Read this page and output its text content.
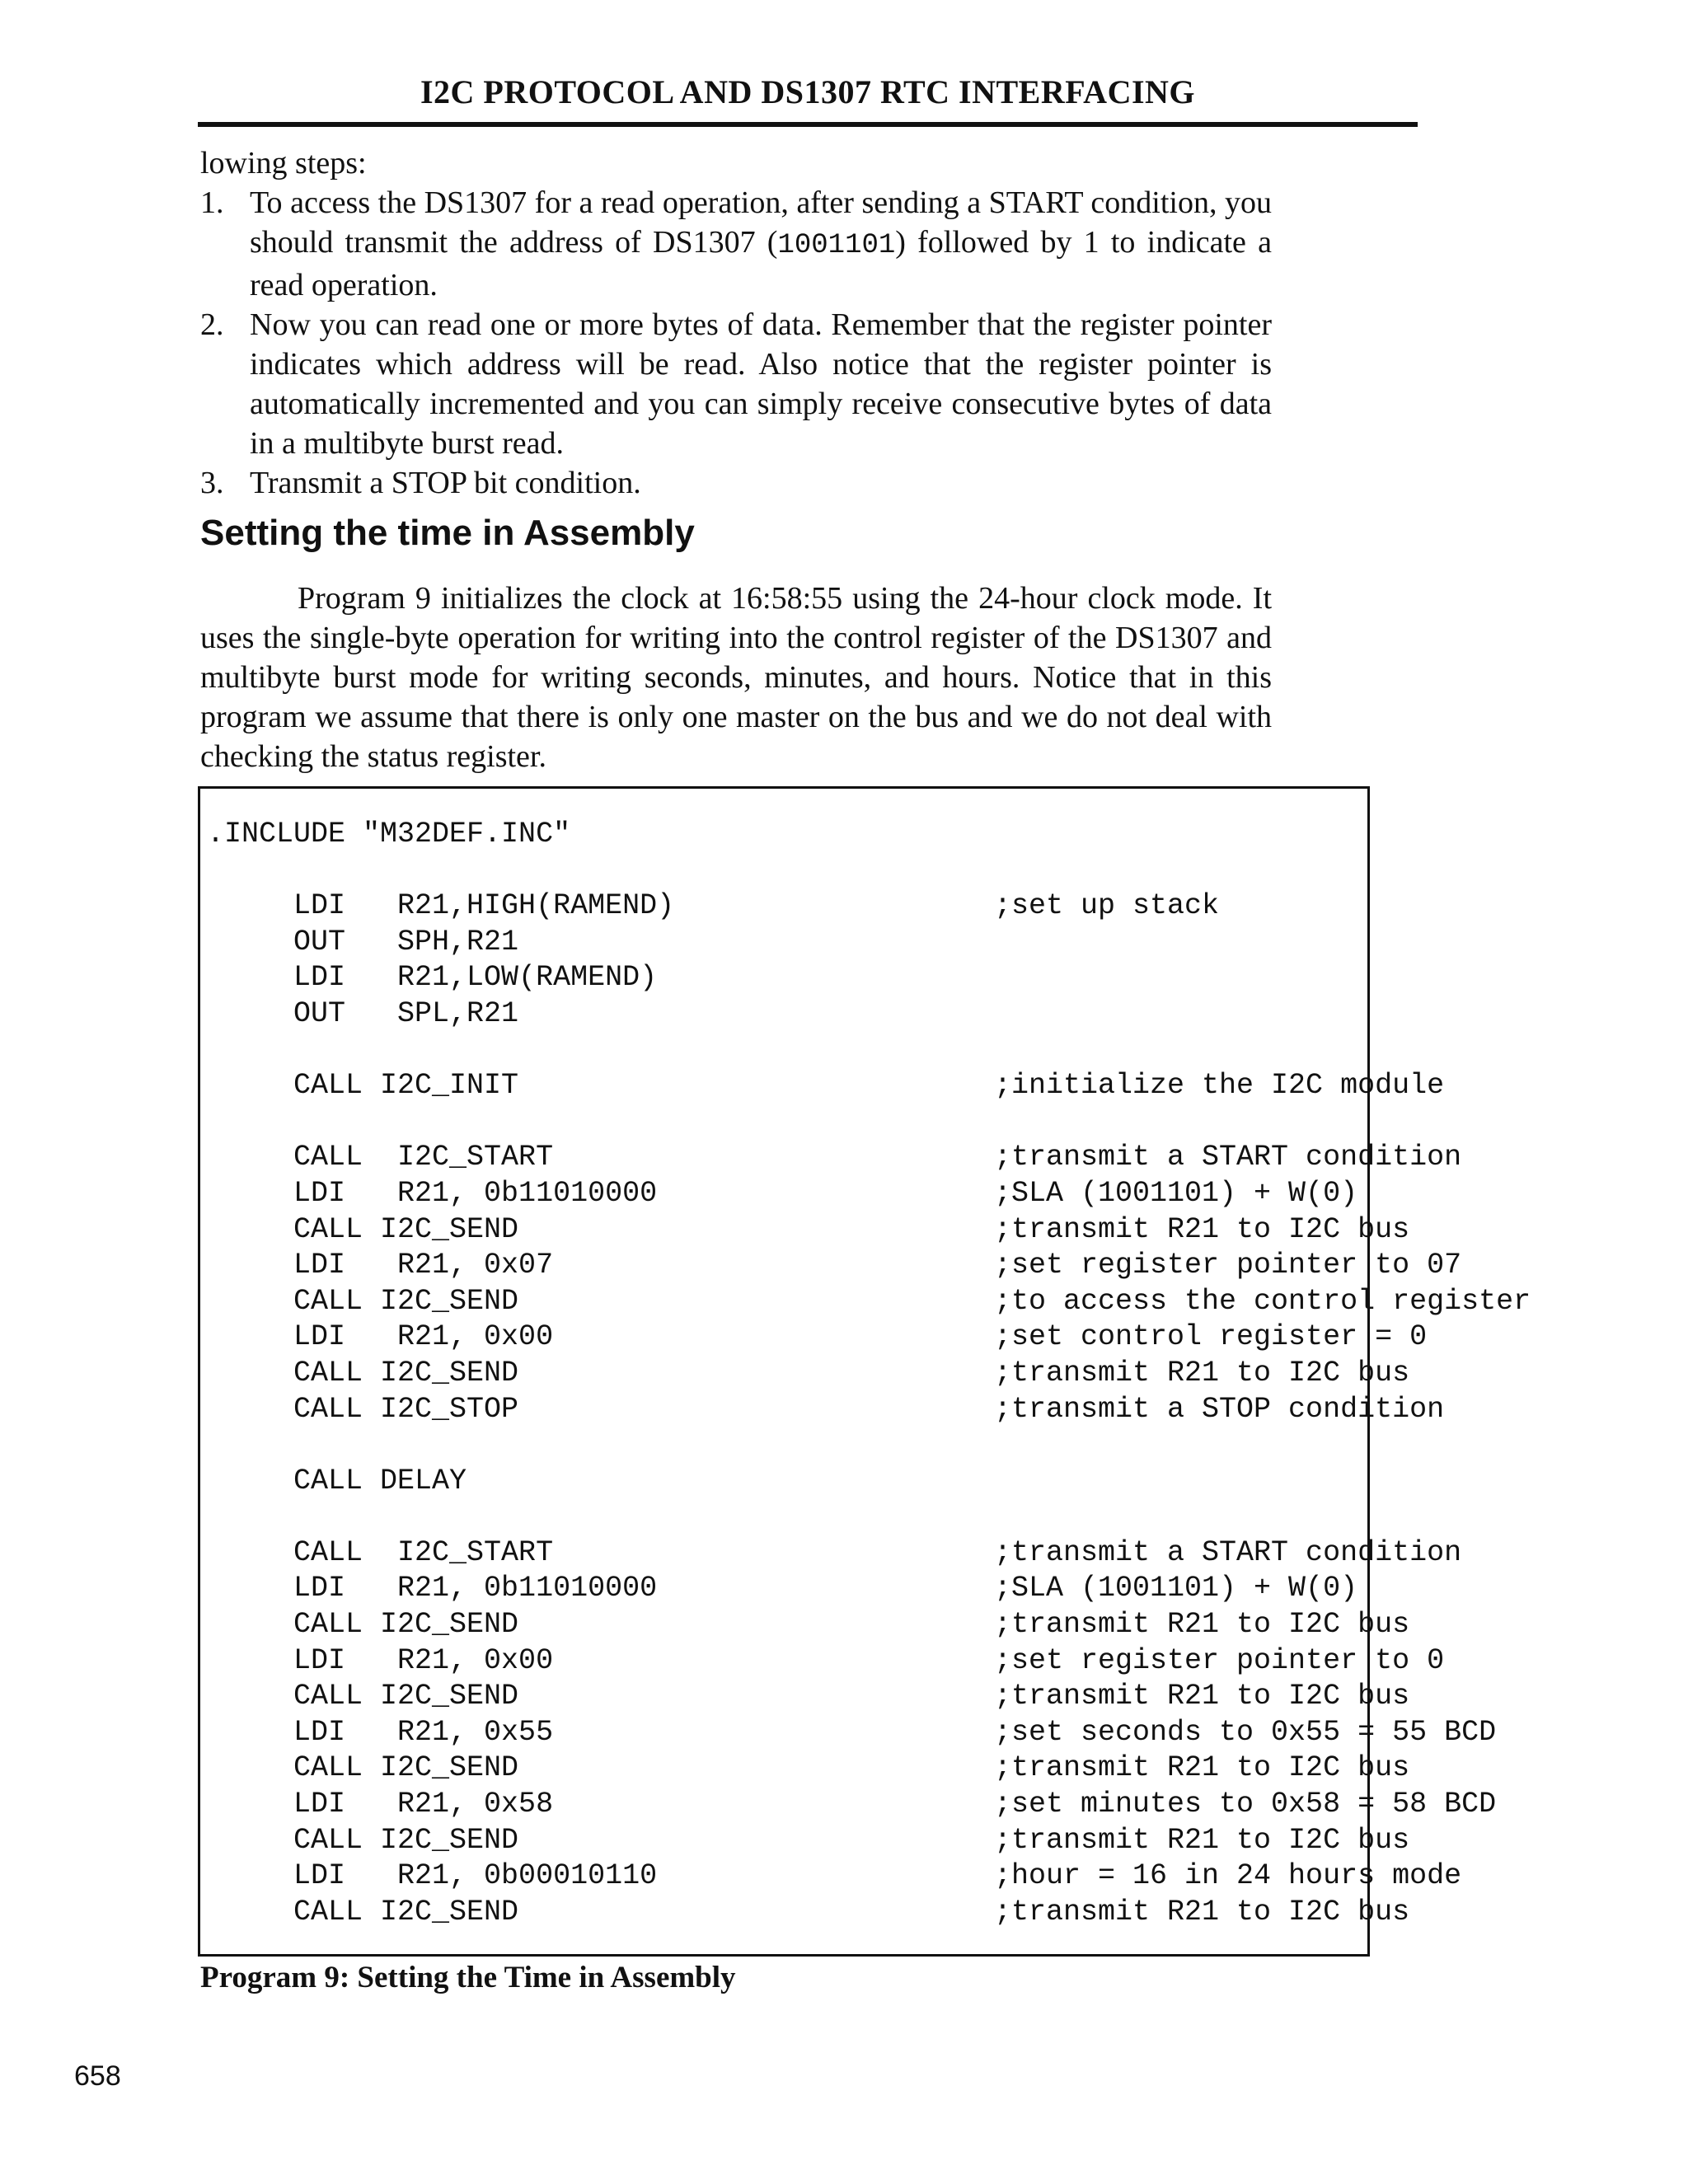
I2C PROTOCOL AND DS1307 RTC INTERFACING
lowing steps:
1. To access the DS1307 for a read operation, after sending a START condition, you should transmit the address of DS1307 (1001101) followed by 1 to indicate a read operation.
2. Now you can read one or more bytes of data. Remember that the register pointer indicates which address will be read. Also notice that the register pointer is automatically incremented and you can simply receive consecutive bytes of data in a multibyte burst read.
3. Transmit a STOP bit condition.
Setting the time in Assembly
Program 9 initializes the clock at 16:58:55 using the 24-hour clock mode. It uses the single-byte operation for writing into the control register of the DS1307 and multibyte burst mode for writing seconds, minutes, and hours. Notice that in this program we assume that there is only one master on the bus and we do not deal with checking the status register.
.INCLUDE "M32DEF.INC"
LDI   R21,HIGH(RAMEND)	;set up stack
OUT   SPH,R21
LDI   R21,LOW(RAMEND)
OUT   SPL,R21
CALL I2C_INIT	;initialize the I2C module
CALL  I2C_START	;transmit a START condition
LDI   R21, 0b11010000	;SLA (1001101) + W(0)
CALL I2C_SEND	;transmit R21 to I2C bus
LDI   R21, 0x07	;set register pointer to 07
CALL I2C_SEND	;to access the control register
LDI   R21, 0x00	;set control register = 0
CALL I2C_SEND	;transmit R21 to I2C bus
CALL I2C_STOP	;transmit a STOP condition
CALL DELAY
CALL  I2C_START	;transmit a START condition
LDI   R21, 0b11010000	;SLA (1001101) + W(0)
CALL I2C_SEND	;transmit R21 to I2C bus
LDI   R21, 0x00	;set register pointer to 0
CALL I2C_SEND	;transmit R21 to I2C bus
LDI   R21, 0x55	;set seconds to 0x55 = 55 BCD
CALL I2C_SEND	;transmit R21 to I2C bus
LDI   R21, 0x58	;set minutes to 0x58 = 58 BCD
CALL I2C_SEND	;transmit R21 to I2C bus
LDI   R21, 0b00010110	;hour = 16 in 24 hours mode
CALL I2C_SEND	;transmit R21 to I2C bus
Program 9: Setting the Time in Assembly
658
